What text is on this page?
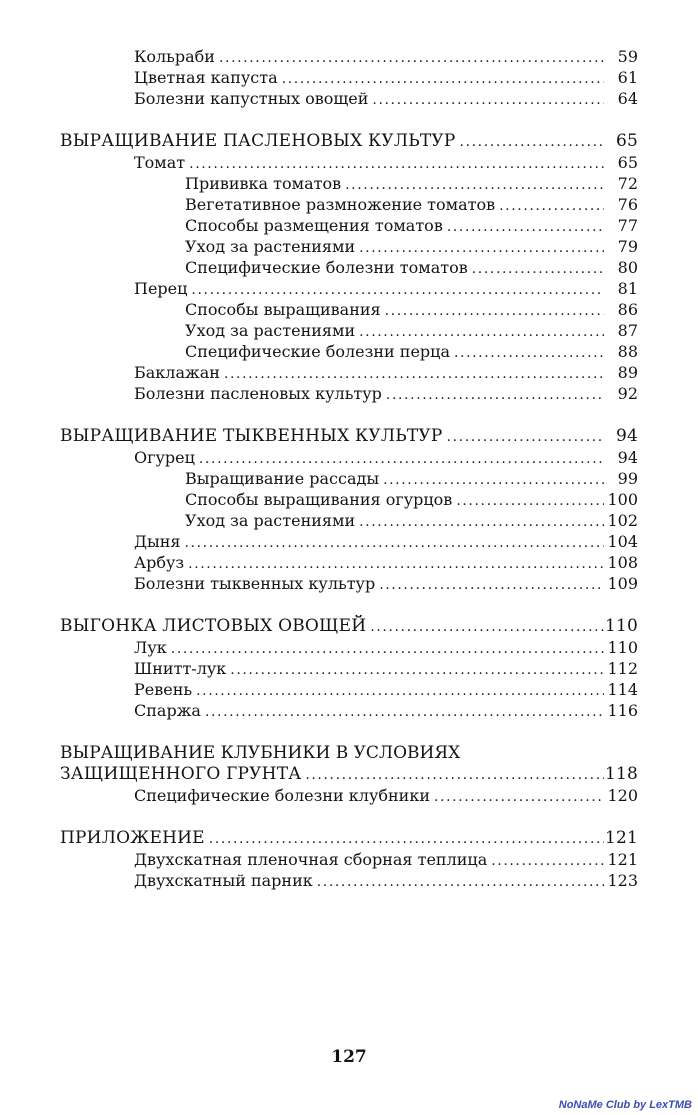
Кольраби .....	59
Цветная капуста .....	61
Болезни капустных овощей .....	64
ВЫРАЩИВАНИЕ ПАСЛЕНОВЫХ КУЛЬТУР .....	65
Томат .....	65
Прививка томатов .....	72
Вегетативное размножение томатов .....	76
Способы размещения томатов .....	77
Уход за растениями .....	79
Специфические болезни томатов .....	80
Перец .....	81
Способы выращивания .....	86
Уход за растениями .....	87
Специфические болезни перца .....	88
Баклажан .....	89
Болезни пасленовых культур .....	92
ВЫРАЩИВАНИЕ ТЫКВЕННЫХ КУЛЬТУР .....	94
Огурец .....	94
Выращивание рассады .....	99
Способы выращивания огурцов .....	100
Уход за растениями .....	102
Дыня .....	104
Арбуз .....	108
Болезни тыквенных культур .....	109
ВЫГОНКА ЛИСТОВЫХ ОВОЩЕЙ .....	110
Лук .....	110
Шнитт-лук .....	112
Ревень .....	114
Спаржа .....	116
ВЫРАЩИВАНИЕ КЛУБНИКИ В УСЛОВИЯХ
ЗАЩИЩЕННОГО ГРУНТА .....	118
Специфические болезни клубники .....	120
ПРИЛОЖЕНИЕ .....	121
Двухскатная пленочная сборная теплица .....	121
Двухскатный парник .....	123
127
NoNaMe Club by LexTMB
